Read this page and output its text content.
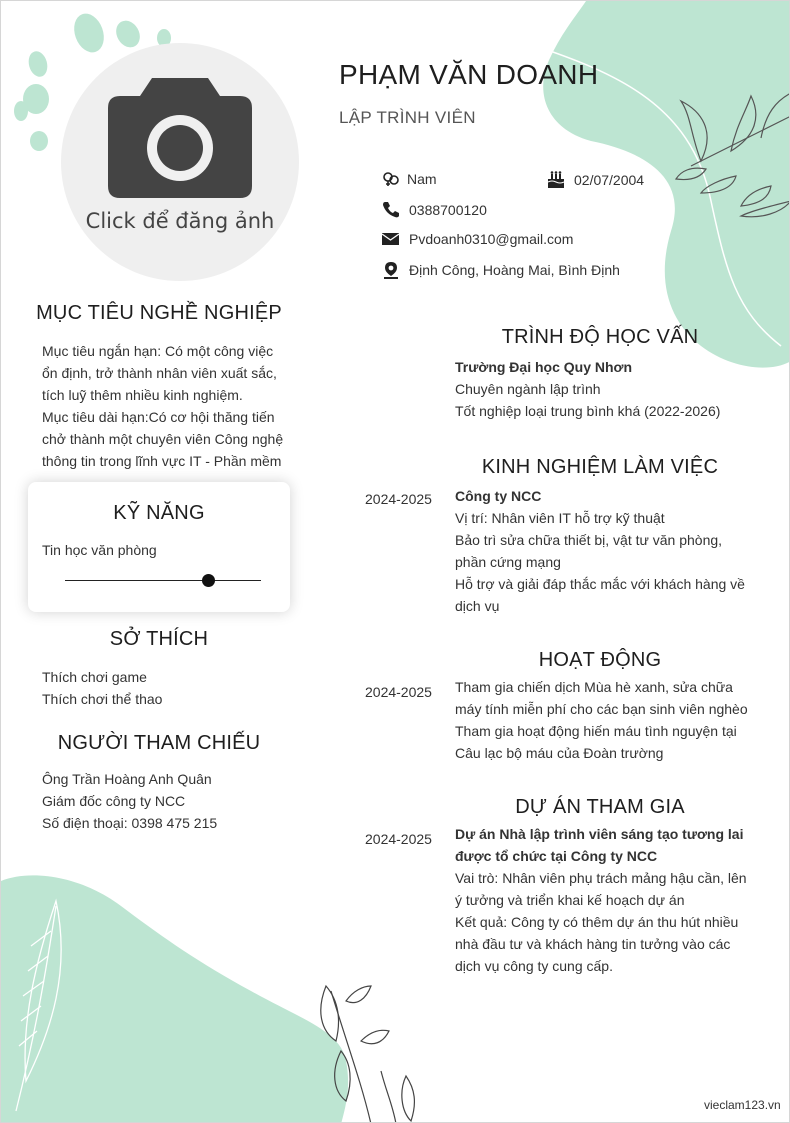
Click để đăng ảnh
PHẠM VĂN DOANH
LẬP TRÌNH VIÊN
Nam	02/07/2004
0388700120
Pvdoanh0310@gmail.com
Định Công, Hoàng Mai, Bình Định
MỤC TIÊU NGHỀ NGHIỆP
Mục tiêu ngắn hạn: Có một công việc
ổn định, trở thành nhân viên xuất sắc,
tích luỹ thêm nhiều kinh nghiệm.
Mục tiêu dài hạn:Có cơ hội thăng tiến
chở thành một chuyên viên Công nghệ
thông tin trong lĩnh vực IT - Phần mềm
KỸ NĂNG
Tin học văn phòng
SỞ THÍCH
Thích chơi game
Thích chơi thể thao
NGƯỜI THAM CHIẾU
Ông Trần Hoàng Anh Quân
Giám đốc công ty NCC
Số điện thoại: 0398 475 215
TRÌNH ĐỘ HỌC VẤN
Trường Đại học Quy Nhơn
Chuyên ngành lập trình
Tốt nghiệp loại trung bình khá (2022-2026)
KINH NGHIỆM LÀM VIỆC
2024-2025 Công ty NCC
Vị trí: Nhân viên IT hỗ trợ kỹ thuật
Bảo trì sửa chữa thiết bị, vật tư văn phòng,
phần cứng mạng
Hỗ trợ và giải đáp thắc mắc với khách hàng về
dịch vụ
HOẠT ĐỘNG
2024-2025 Tham gia chiến dịch Mùa hè xanh, sửa chữa
máy tính miễn phí cho các bạn sinh viên nghèo
Tham gia hoạt động hiến máu tình nguyện tại
Câu lạc bộ máu của Đoàn trường
DỰ ÁN THAM GIA
2024-2025 Dự án Nhà lập trình viên sáng tạo tương lai
được tổ chức tại Công ty NCC
Vai trò: Nhân viên phụ trách mảng hậu cần, lên
ý tưởng và triển khai kế hoạch dự án
Kết quả: Công ty có thêm dự án thu hút nhiều
nhà đầu tư và khách hàng tin tưởng vào các
dịch vụ công ty cung cấp.
vieclam123.vn
